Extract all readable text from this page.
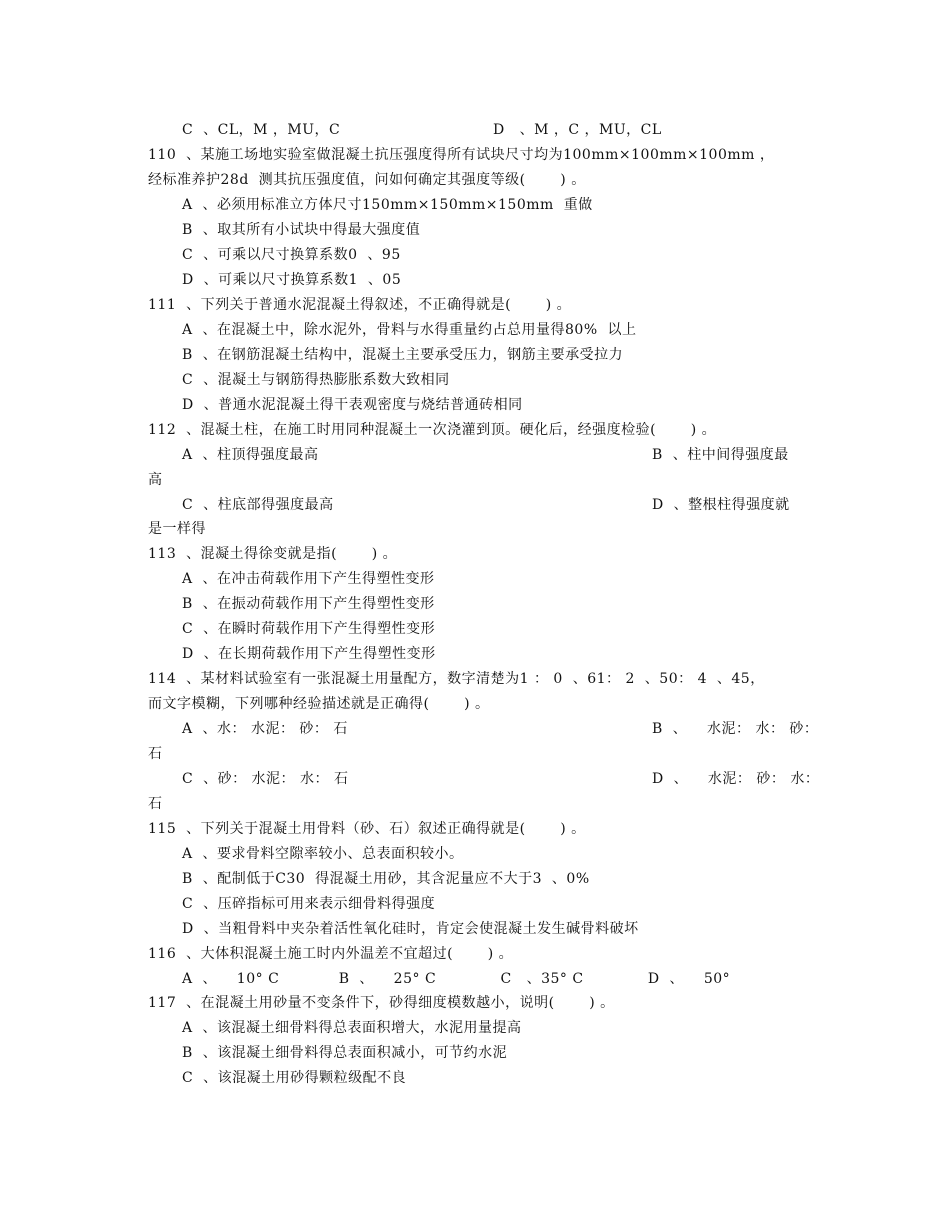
C  、CL，M ，MU，C	D   、M ，C ，MU，CL
110  、某施工场地实验室做混凝土抗压强度得所有试块尺寸均为100mm×100mm×100mm ，
经标准养护28d  测其抗压强度值，问如何确定其强度等级(       ) 。
A  、必须用标准立方体尺寸150mm×150mm×150mm  重做
B  、取其所有小试块中得最大强度值
C  、可乘以尺寸换算系数0  、95
D  、可乘以尺寸换算系数1  、05
111  、下列关于普通水泥混凝土得叙述，不正确得就是(       ) 。
A  、在混凝土中，除水泥外，骨料与水得重量约占总用量得80%  以上
B  、在钢筋混凝土结构中，混凝土主要承受压力，钢筋主要承受拉力
C  、混凝土与钢筋得热膨胀系数大致相同
D  、普通水泥混凝土得干表观密度与烧结普通砖相同
112  、混凝土柱，在施工时用同种混凝土一次浇灌到顶。硬化后，经强度检验(       ) 。
A  、柱顶得强度最高	B  、柱中间得强度最
高
C  、柱底部得强度最高	D  、整根柱得强度就
是一样得
113  、混凝土得徐变就是指(       ) 。
A  、在冲击荷载作用下产生得塑性变形
B  、在振动荷载作用下产生得塑性变形
C  、在瞬时荷载作用下产生得塑性变形
D  、在长期荷载作用下产生得塑性变形
114  、某材料试验室有一张混凝土用量配方，数字清楚为1 ： 0  、61： 2  、50： 4  、45，
而文字模糊，下列哪种经验描述就是正确得(       ) 。
A  、水： 水泥： 砂： 石	B  、    水泥： 水： 砂：
石
C  、砂： 水泥： 水： 石	D  、    水泥： 砂： 水：
石
115  、下列关于混凝土用骨料（砂、石）叙述正确得就是(       ) 。
A  、要求骨料空隙率较小、总表面积较小。
B  、配制低于C30  得混凝土用砂，其含泥量应不大于3  、0%
C  、压碎指标可用来表示细骨料得强度
D  、当粗骨料中夹杂着活性氧化硅时，肯定会使混凝土发生碱骨料破坏
116  、大体积混凝土施工时内外温差不宜超过(       ) 。
A  、    10° C            B  、    25° C             C   、35° C             D  、    50°
117  、在混凝土用砂量不变条件下，砂得细度模数越小，说明(       ) 。
A  、该混凝土细骨料得总表面积增大，水泥用量提高
B  、该混凝土细骨料得总表面积减小，可节约水泥
C  、该混凝土用砂得颗粒级配不良
